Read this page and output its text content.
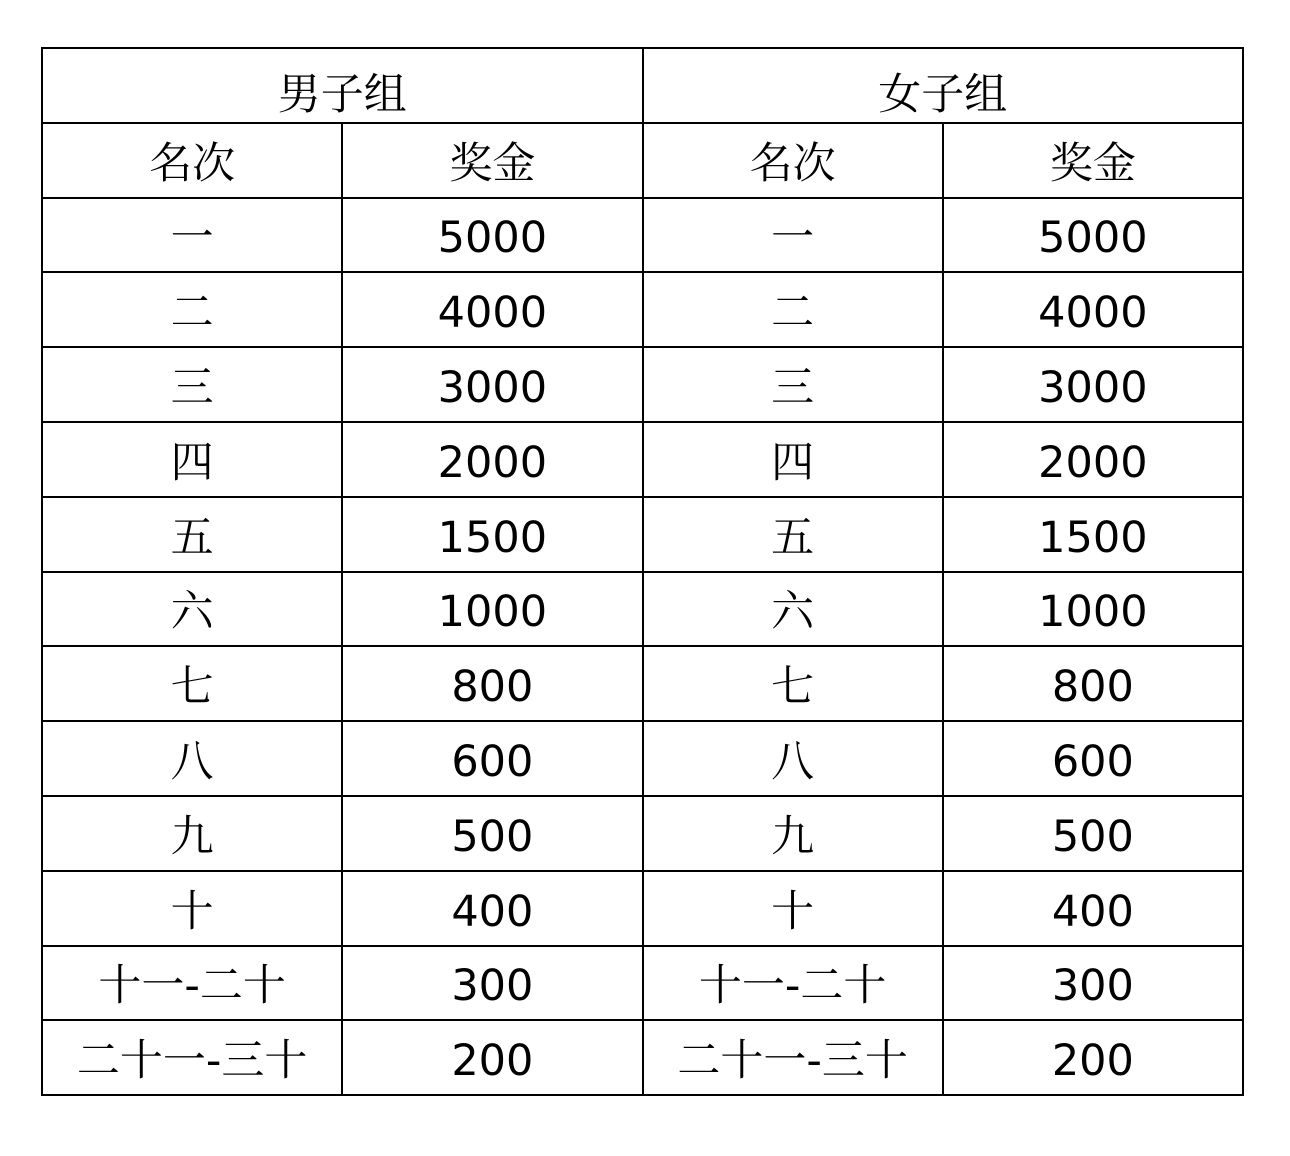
男子组		女子组	
名次	奖金	名次	奖金
一	5000	一	5000
二	4000	二	4000
三	3000	三	3000
四	2000	四	2000
五	1500	五	1500
六	1000	六	1000
七	800	七	800
八	600	八	600
九	500	九	500
十	400	十	400
十一-二十	300	十一-二十	300
二十一-三十	200	二十一-三十	200
